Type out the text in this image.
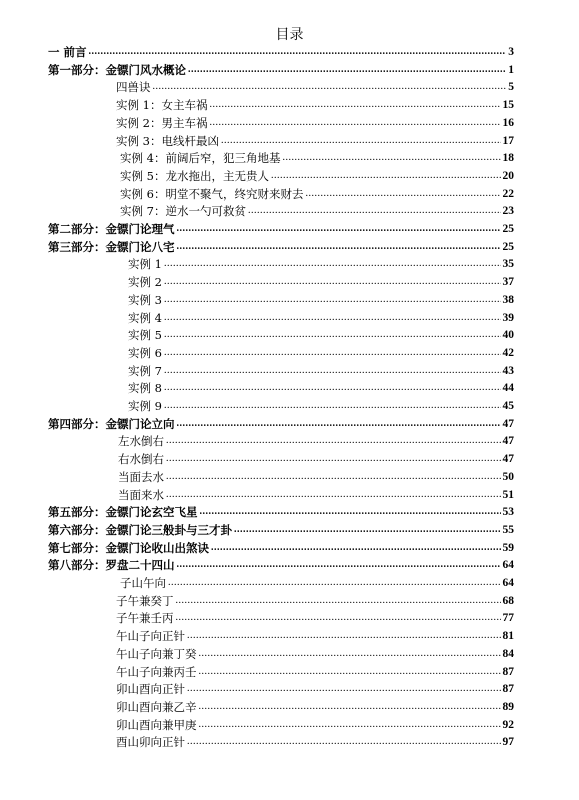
目录
一 前言 .....	3
第一部分：金镖门风水概论 .....	1
四兽诀 .....	5
实例 1：女主车祸 .....	15
实例 2：男主车祸 .....	16
实例 3：电线杆最凶 .....	17
实例 4：前阔后窄，犯三角地基 .....	18
实例 5：龙水拖出，主无贵人 .....	20
实例 6：明堂不聚气，终究财来财去 .....	22
实例 7：逆水一勺可救贫 .....	23
第二部分：金镖门论理气 .....	25
第三部分：金镖门论八宅 .....	25
实例 1 .....	35
实例 2 .....	37
实例 3 .....	38
实例 4 .....	39
实例 5 .....	40
实例 6 .....	42
实例 7 .....	43
实例 8 .....	44
实例 9 .....	45
第四部分：金镖门论立向 .....	47
左水倒右 .....	47
右水倒右 .....	47
当面去水 .....	50
当面来水 .....	51
第五部分：金镖门论玄空飞星 .....	53
第六部分：金镖门论三般卦与三才卦 .....	55
第七部分：金镖门论收山出煞诀 .....	59
第八部分：罗盘二十四山 .....	64
子山午向 .....	64
子午兼癸丁 .....	68
子午兼壬丙 .....	77
午山子向正针 .....	81
午山子向兼丁癸 .....	84
午山子向兼丙壬 .....	87
卯山酉向正针 .....	87
卯山酉向兼乙辛 .....	89
卯山酉向兼甲庚 .....	92
酉山卯向正针 .....	97
